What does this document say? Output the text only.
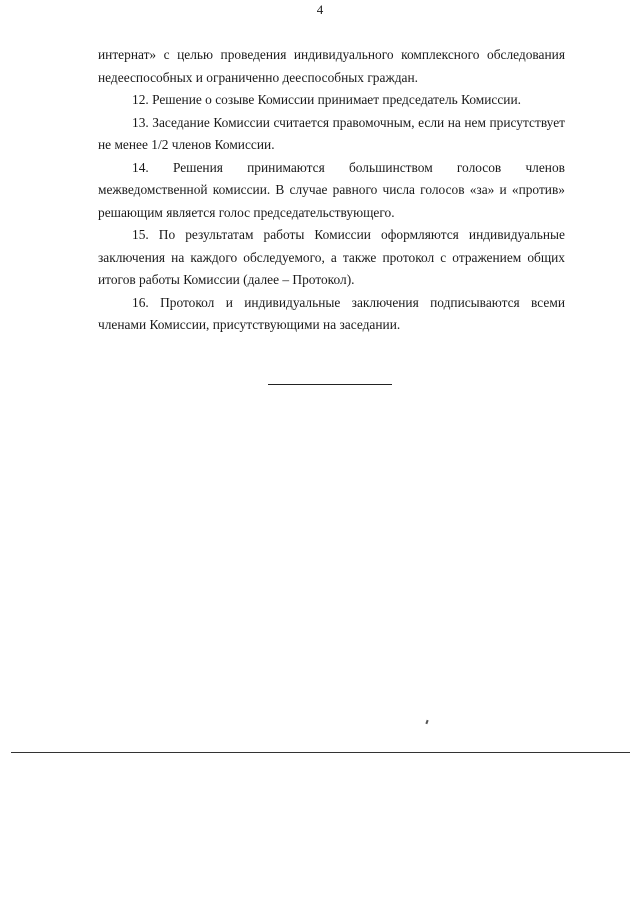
4

интернат» с целью проведения индивидуального комплексного обследования недееспособных и ограниченно дееспособных граждан.

12. Решение о созыве Комиссии принимает председатель Комиссии.

13. Заседание Комиссии считается правомочным, если на нем присутствует не менее 1/2 членов Комиссии.

14. Решения принимаются большинством голосов членов межведомственной комиссии. В случае равного числа голосов «за» и «против» решающим является голос председательствующего.

15. По результатам работы Комиссии оформляются индивидуальные заключения на каждого обследуемого, а также протокол с отражением общих итогов работы Комиссии (далее – Протокол).

16. Протокол и индивидуальные заключения подписываются всеми членами Комиссии, присутствующими на заседании.
